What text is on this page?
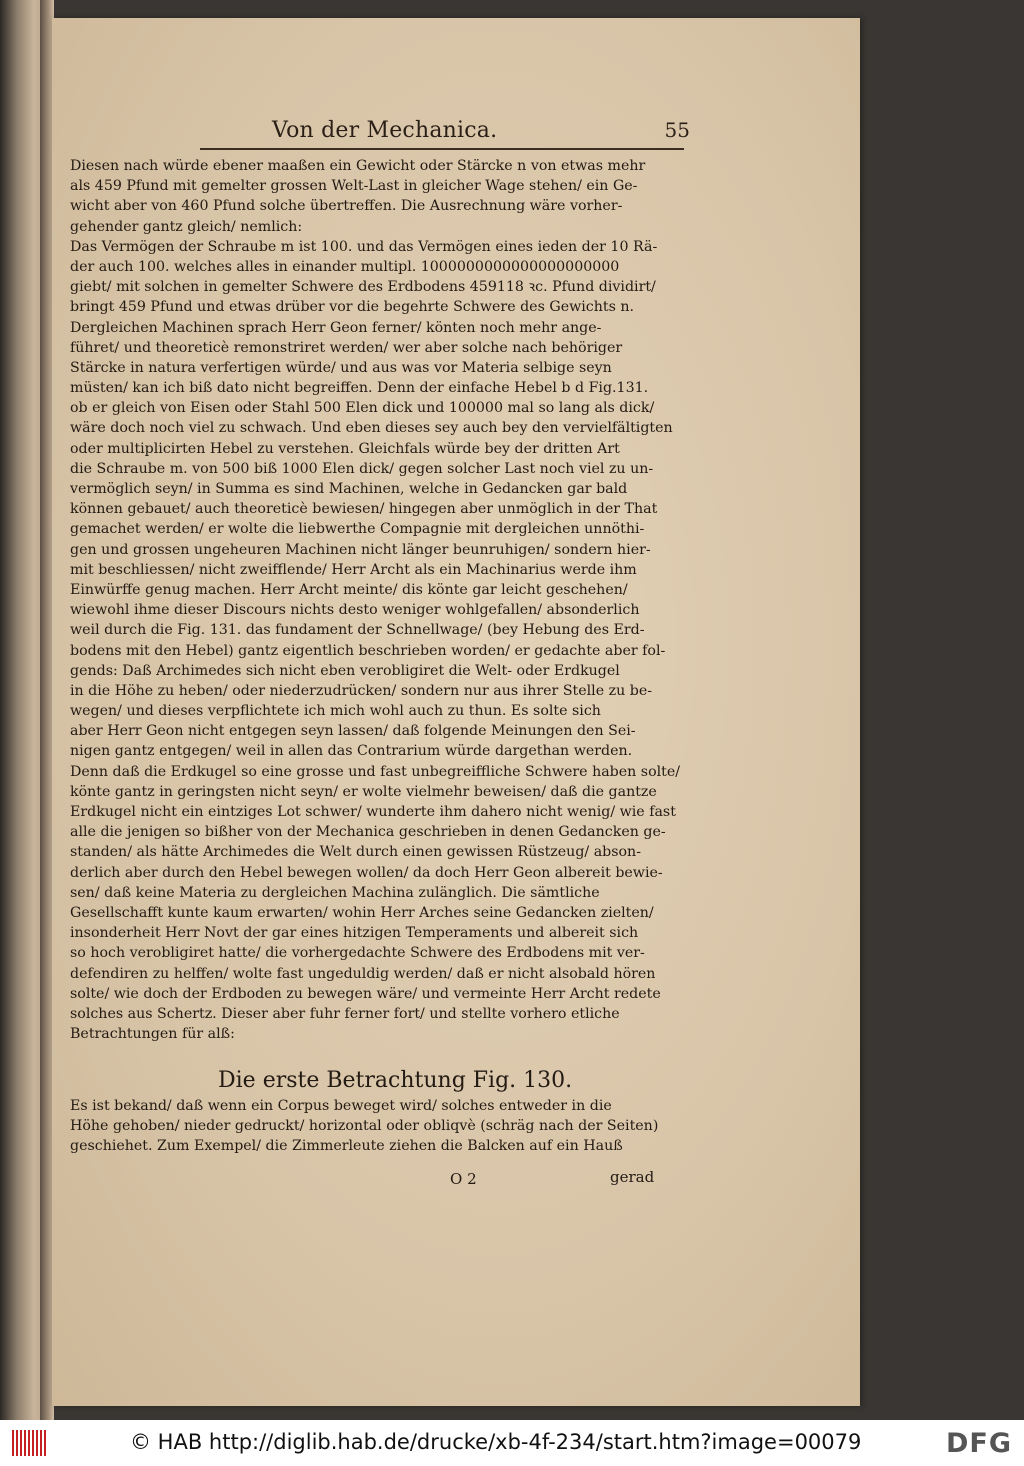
Von der Mechanica.	55
Diesen nach würde ebener maaßen ein Gewicht oder Stärcke n von etwas mehr
als 459 Pfund mit gemelter grossen Welt-Last in gleicher Wage stehen/ ein Ge-
wicht aber von 460 Pfund solche übertreffen. Die Ausrechnung wäre vorher-
gehender gantz gleich/ nemlich:
Das Vermögen der Schraube m ist 100. und das Vermögen eines ieden der 10 Rä-
der auch 100. welches alles in einander multipl. 1000000000000000000000
giebt/ mit solchen in gemelter Schwere des Erdbodens 459118 ꝛc. Pfund dividirt/
bringt 459 Pfund und etwas drüber vor die begehrte Schwere des Gewichts n.
Dergleichen Machinen sprach Herr Geon ferner/ könten noch mehr ange-
führet/ und theoreticè remonstriret werden/ wer aber solche nach behöriger
Stärcke in natura verfertigen würde/ und aus was vor Materia selbige seyn
müsten/ kan ich biß dato nicht begreiffen. Denn der einfache Hebel b d Fig.131.
ob er gleich von Eisen oder Stahl 500 Elen dick und 100000 mal so lang als dick/
wäre doch noch viel zu schwach. Und eben dieses sey auch bey den vervielfältigten
oder multiplicirten Hebel zu verstehen. Gleichfals würde bey der dritten Art
die Schraube m. von 500 biß 1000 Elen dick/ gegen solcher Last noch viel zu un-
vermöglich seyn/ in Summa es sind Machinen, welche in Gedancken gar bald
können gebauet/ auch theoreticè bewiesen/ hingegen aber unmöglich in der That
gemachet werden/ er wolte die liebwerthe Compagnie mit dergleichen unnöthi-
gen und grossen ungeheuren Machinen nicht länger beunruhigen/ sondern hier-
mit beschliessen/ nicht zweifflende/ Herr Archt als ein Machinarius werde ihm
Einwürffe genug machen. Herr Archt meinte/ dis könte gar leicht geschehen/
wiewohl ihme dieser Discours nichts desto weniger wohlgefallen/ absonderlich
weil durch die Fig. 131. das fundament der Schnellwage/ (bey Hebung des Erd-
bodens mit den Hebel) gantz eigentlich beschrieben worden/ er gedachte aber fol-
gends: Daß Archimedes sich nicht eben verobligiret die Welt- oder Erdkugel
in die Höhe zu heben/ oder niederzudrücken/ sondern nur aus ihrer Stelle zu be-
wegen/ und dieses verpflichtete ich mich wohl auch zu thun. Es solte sich
aber Herr Geon nicht entgegen seyn lassen/ daß folgende Meinungen den Sei-
nigen gantz entgegen/ weil in allen das Contrarium würde dargethan werden.
Denn daß die Erdkugel so eine grosse und fast unbegreiffliche Schwere haben solte/
könte gantz in geringsten nicht seyn/ er wolte vielmehr beweisen/ daß die gantze
Erdkugel nicht ein eintziges Lot schwer/ wunderte ihm dahero nicht wenig/ wie fast
alle die jenigen so bißher von der Mechanica geschrieben in denen Gedancken ge-
standen/ als hätte Archimedes die Welt durch einen gewissen Rüstzeug/ abson-
derlich aber durch den Hebel bewegen wollen/ da doch Herr Geon albereit bewie-
sen/ daß keine Materia zu dergleichen Machina zulänglich. Die sämtliche
Gesellschafft kunte kaum erwarten/ wohin Herr Arches seine Gedancken zielten/
insonderheit Herr Novt der gar eines hitzigen Temperaments und albereit sich
so hoch verobligiret hatte/ die vorhergedachte Schwere des Erdbodens mit ver-
defendiren zu helffen/ wolte fast ungeduldig werden/ daß er nicht alsobald hören
solte/ wie doch der Erdboden zu bewegen wäre/ und vermeinte Herr Archt redete
solches aus Schertz. Dieser aber fuhr ferner fort/ und stellte vorhero etliche
Betrachtungen für alß:
Die erste Betrachtung Fig. 130.
Es ist bekand/ daß wenn ein Corpus beweget wird/ solches entweder in die
Höhe gehoben/ nieder gedruckt/ horizontal oder obliqvè (schräg nach der Seiten)
geschiehet. Zum Exempel/ die Zimmerleute ziehen die Balcken auf ein Hauß
O 2	gerad
© HAB http://diglib.hab.de/drucke/xb-4f-234/start.htm?image=00079	DFG
